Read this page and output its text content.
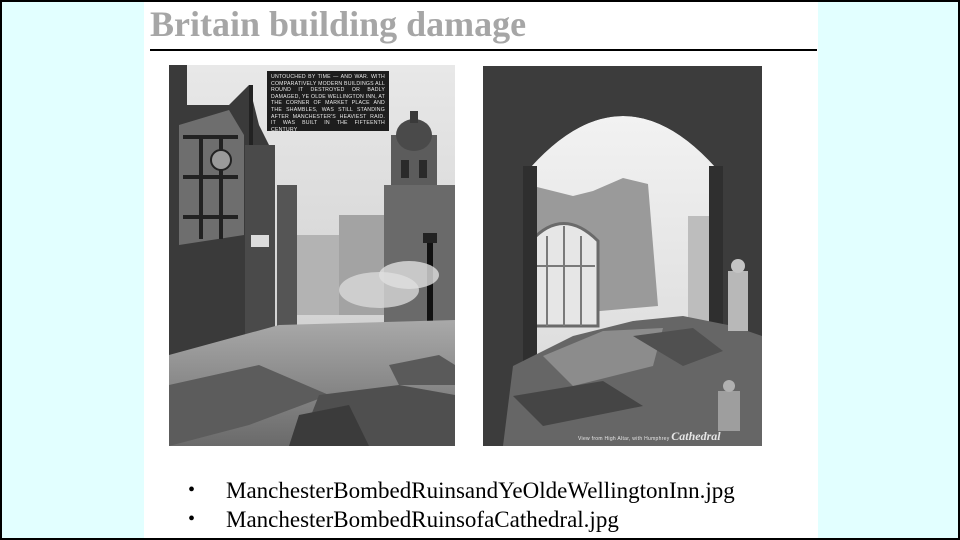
Britain building damage
UNTOUCHED BY TIME — AND WAR. WITH COMPARATIVELY MODERN BUILDINGS ALL ROUND IT DESTROYED OR BADLY DAMAGED, YE OLDE WELLINGTON INN, AT THE CORNER OF MARKET PLACE AND THE SHAMBLES, WAS STILL STANDING AFTER MANCHESTER'S HEAVIEST RAID. IT WAS BUILT IN THE FIFTEENTH CENTURY
View from High Altar, with Humphrey Cathedral
• ManchesterBombedRuinsandYeOldeWellingtonInn.jpg
• ManchesterBombedRuinsofaCathedral.jpg
